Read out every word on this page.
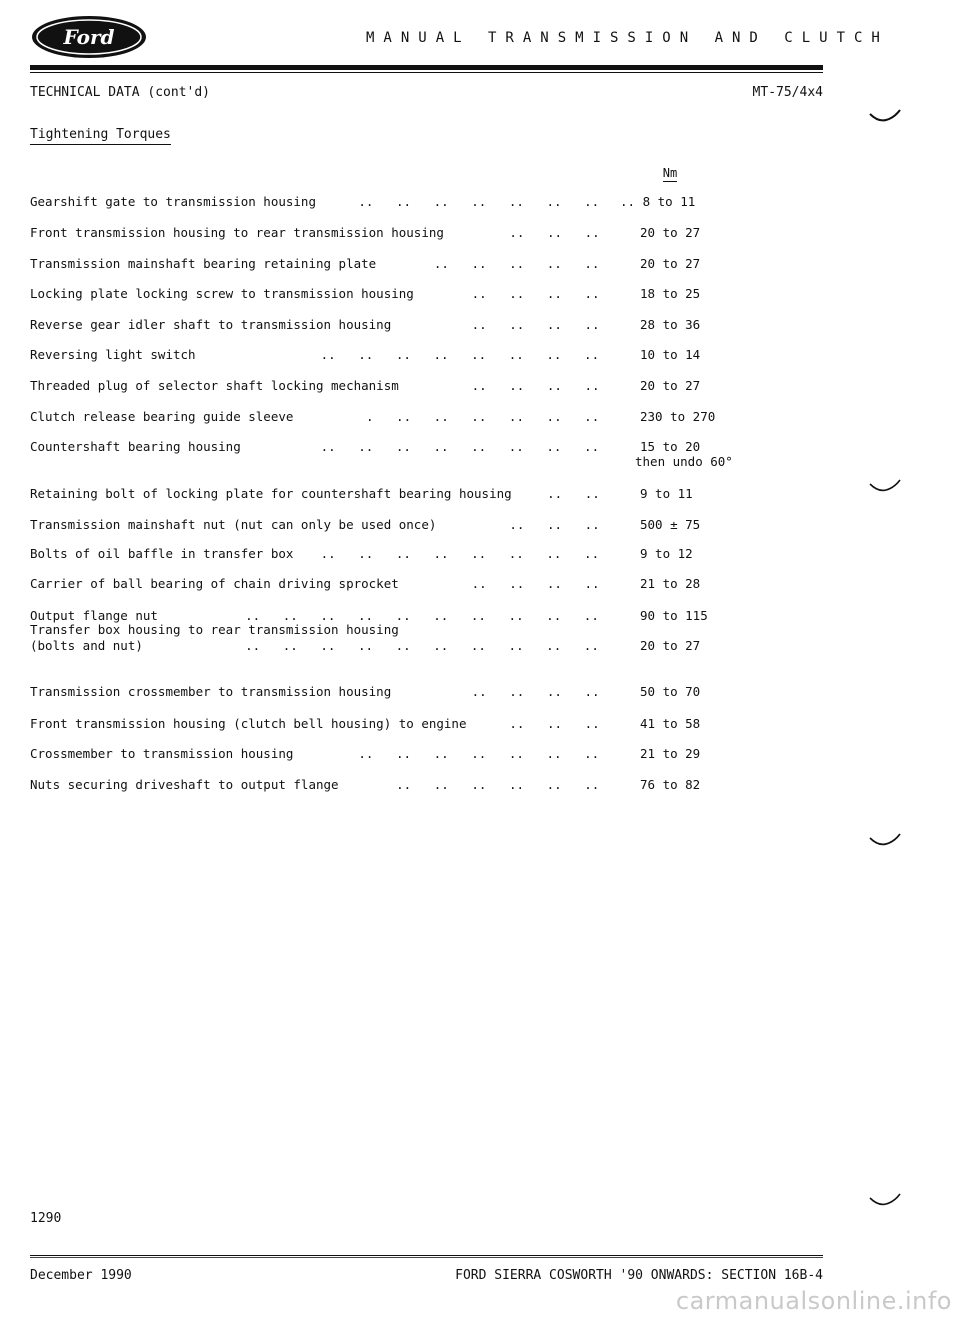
Ford	MANUAL TRANSMISSION AND CLUTCH
TECHNICAL DATA (cont'd)	MT-75/4x4
Tightening Torques
Nm
Gearshift gate to transmission housing	..   ..   ..   ..   ..   ..   .. .. 8 to 11
Front transmission housing to rear transmission housing	..   ..   ..	20 to 27
Transmission mainshaft bearing retaining plate	..   ..   ..   ..   ..	20 to 27
Locking plate locking screw to transmission housing	..   ..   ..   ..	18 to 25
Reverse gear idler shaft to transmission housing	..   ..   ..   ..	28 to 36
Reversing light switch	..   ..   ..   ..   ..   ..   ..   ..	10 to 14
Threaded plug of selector shaft locking mechanism	..   ..   ..   ..	20 to 27
Clutch release bearing guide sleeve	.   ..   ..   ..   ..   ..   ..	230 to 270
Countershaft bearing housing	..   ..   ..   ..   ..   ..   ..   ..	15 to 20
then undo 60°
Retaining bolt of locking plate for countershaft bearing housing	..   ..	9 to 11
Transmission mainshaft nut (nut can only be used once)	..   ..   ..	500 ± 75
Bolts of oil baffle in transfer box ..   ..   ..   ..   ..   ..   ..   ..	9 to 12
Carrier of ball bearing of chain driving sprocket	..   ..   ..   ..	21 to 28
Output flange nut	..   ..   ..   ..   ..   ..   ..   ..   ..   ..	90 to 115
Transfer box housing to rear transmission housing
(bolts and nut)	..   ..   ..   ..   ..   ..   ..   ..   ..   ..	20 to 27
Transmission crossmember to transmission housing	..   ..   ..   ..	50 to 70
Front transmission housing (clutch bell housing) to engine	..   ..   ..	41 to 58
Crossmember to transmission housing	..   ..   ..   ..   ..   ..   ..	21 to 29
Nuts securing driveshaft to output flange	..   ..   ..   ..   ..   ..	76 to 82
1290
December 1990	FORD SIERRA COSWORTH '90 ONWARDS: SECTION 16B-4
carmanualsonline.info
